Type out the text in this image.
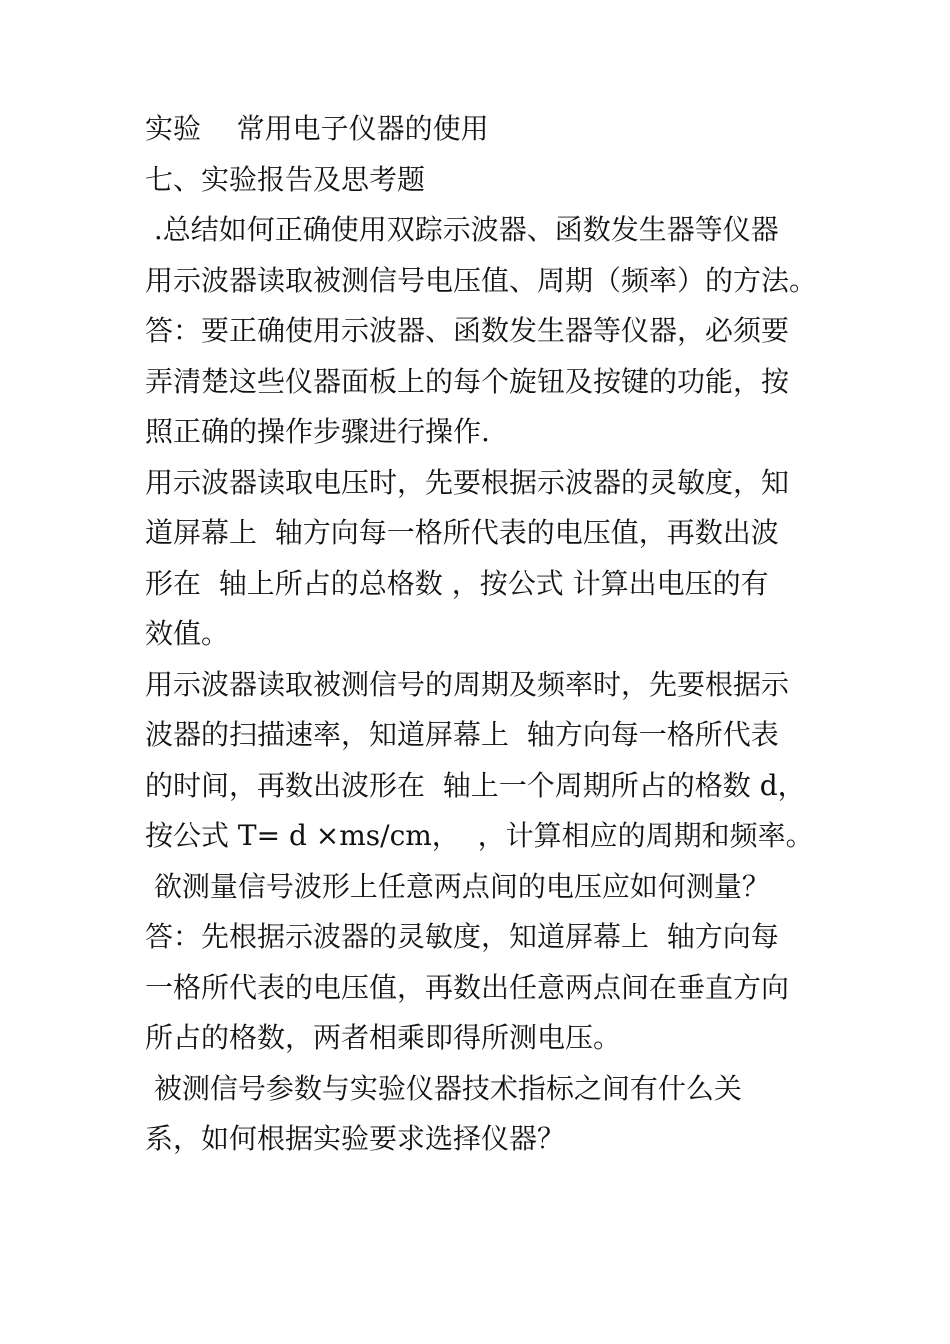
实验    常用电子仪器的使用
七、实验报告及思考题
.总结如何正确使用双踪示波器、函数发生器等仪器
用示波器读取被测信号电压值、周期（频率）的方法。
答：要正确使用示波器、函数发生器等仪器，必须要
弄清楚这些仪器面板上的每个旋钮及按键的功能，按
照正确的操作步骤进行操作.
用示波器读取电压时，先要根据示波器的灵敏度，知
道屏幕上  轴方向每一格所代表的电压值，再数出波
形在  轴上所占的总格数 ，按公式 计算出电压的有
效值。
用示波器读取被测信号的周期及频率时，先要根据示
波器的扫描速率，知道屏幕上  轴方向每一格所代表
的时间，再数出波形在  轴上一个周期所占的格数 d，
按公式 T= d ×ms/cm，  ，计算相应的周期和频率。
欲测量信号波形上任意两点间的电压应如何测量？
答：先根据示波器的灵敏度，知道屏幕上  轴方向每
一格所代表的电压值，再数出任意两点间在垂直方向
所占的格数，两者相乘即得所测电压。
被测信号参数与实验仪器技术指标之间有什么关
系，如何根据实验要求选择仪器？
